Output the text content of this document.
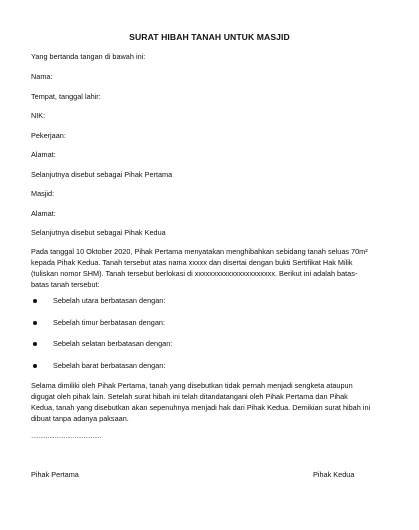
SURAT HIBAH TANAH UNTUK MASJID
Yang bertanda tangan di bawah ini:
Nama:
Tempat, tanggal lahir:
NIK:
Pekerjaan:
Alamat:
Selanjutnya disebut sebagai Pihak Pertama
Masjid:
Alamat:
Selanjutnya disebut sebagai Pihak Kedua
Pada tanggal 10 Oktober 2020, Pihak Pertama menyatakan menghibahkan sebidang tanah seluas 70m²
kepada Pihak Kedua. Tanah tersebut atas nama xxxxx dan disertai dengan bukti Sertifikat Hak Milik
(tuliskan nomor SHM). Tanah tersebut berlokasi di xxxxxxxxxxxxxxxxxxxxxx. Berikut ini adalah batas-
batas tanah tersebut:
Sebelah utara berbatasan dengan:
Sebelah timur berbatasan dengan:
Sebelah selatan berbatasan dengan:
Sebelah barat berbatasan dengan:
Selama dimiliki oleh Pihak Pertama, tanah yang disebutkan tidak pernah menjadi sengketa ataupun
digugat oleh pihak lain. Setelah surat hibah ini telah ditandatangani oleh Pihak Pertama dan Pihak
Kedua, tanah yang disebutkan akan sepenuhnya menjadi hak dari Pihak Kedua. Demikian surat hibah ini
dibuat tanpa adanya paksaan.
…………………………………
Pihak Pertama	Pihak Kedua
